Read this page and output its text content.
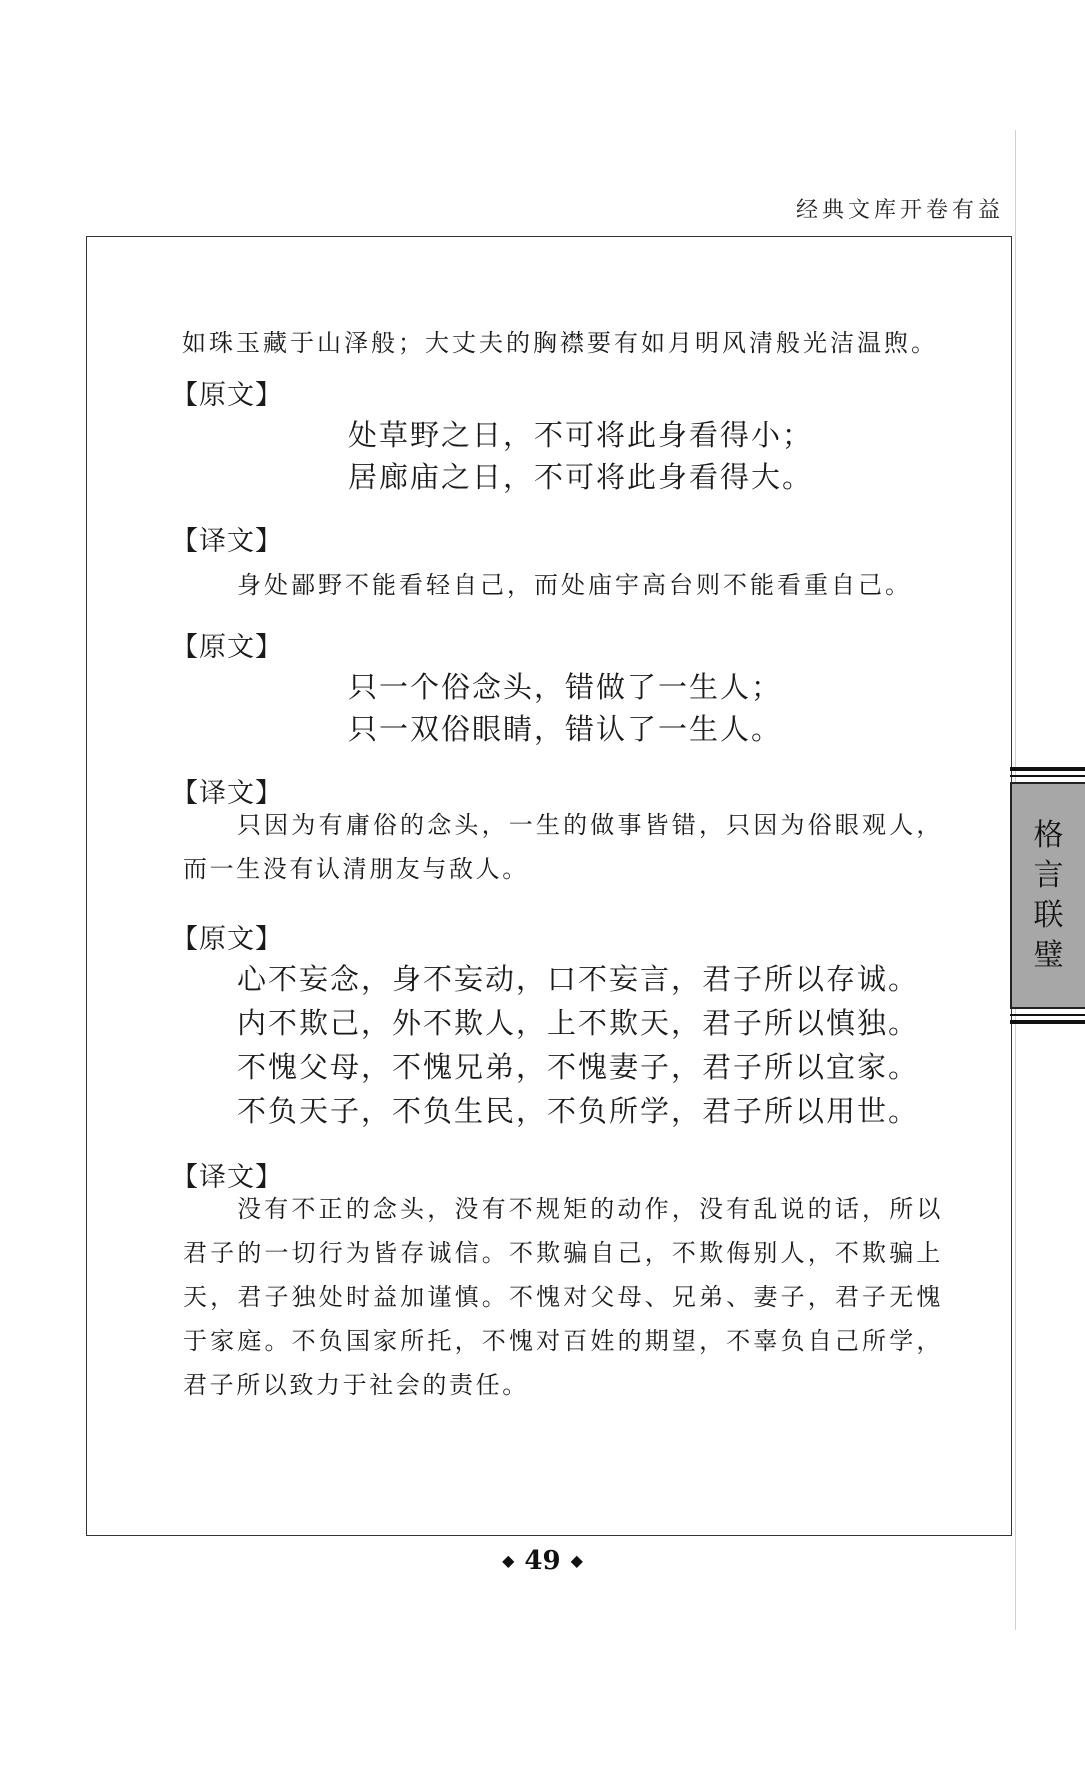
经典文库开卷有益
如珠玉藏于山泽般；大丈夫的胸襟要有如月明风清般光洁温煦。
【原文】
处草野之日，不可将此身看得小；
居廊庙之日，不可将此身看得大。
【译文】
身处鄙野不能看轻自己，而处庙宇高台则不能看重自己。
【原文】
只一个俗念头，错做了一生人；
只一双俗眼睛，错认了一生人。
【译文】
只因为有庸俗的念头，一生的做事皆错，只因为俗眼观人，而一生没有认清朋友与敌人。
【原文】
心不妄念，身不妄动，口不妄言，君子所以存诚。
内不欺己，外不欺人，上不欺天，君子所以慎独。
不愧父母，不愧兄弟，不愧妻子，君子所以宜家。
不负天子，不负生民，不负所学，君子所以用世。
【译文】
没有不正的念头，没有不规矩的动作，没有乱说的话，所以君子的一切行为皆存诚信。不欺骗自己，不欺侮别人，不欺骗上天，君子独处时益加谨慎。不愧对父母、兄弟、妻子，君子无愧于家庭。不负国家所托，不愧对百姓的期望，不辜负自己所学，君子所以致力于社会的责任。
格
言
联
璧
◆ 49 ◆
